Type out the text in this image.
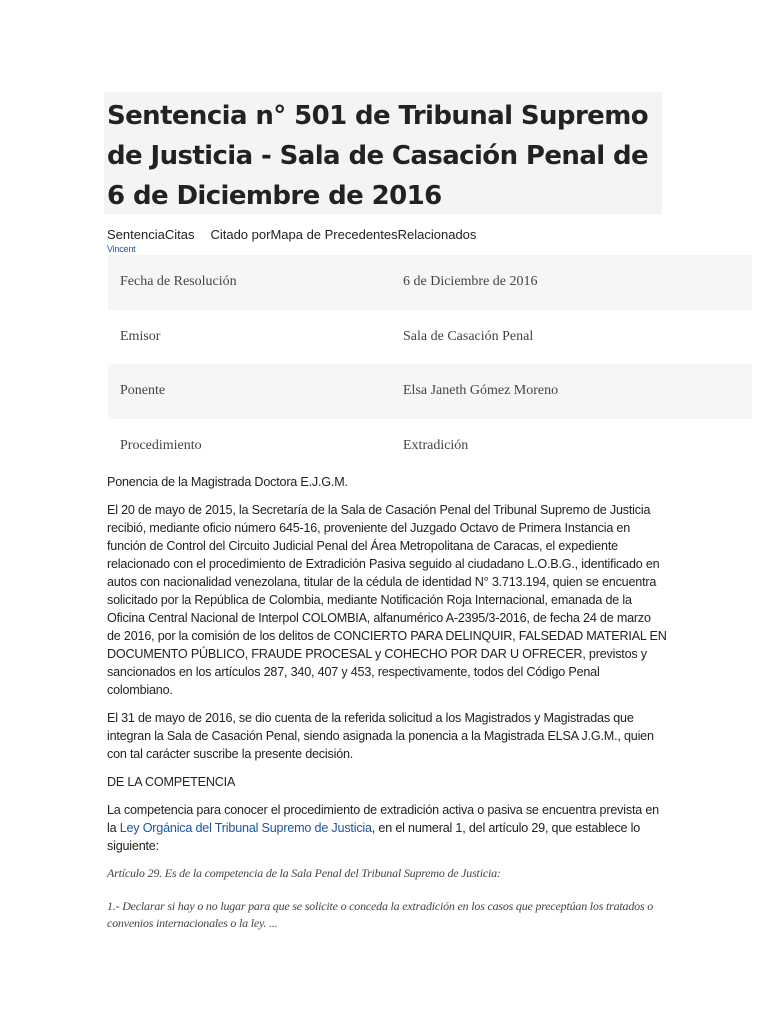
Sentencia n° 501 de Tribunal Supremo de Justicia - Sala de Casación Penal de 6 de Diciembre de 2016
SentenciaCitas Citado porMapa de PrecedentesRelacionados
Vincent
Fecha de Resolución	6 de Diciembre de 2016
Emisor	Sala de Casación Penal
Ponente	Elsa Janeth Gómez Moreno
Procedimiento	Extradición

Ponencia de la Magistrada Doctora E.J.G.M.

El 20 de mayo de 2015, la Secretaría de la Sala de Casación Penal del Tribunal Supremo de Justicia recibió, mediante oficio número 645-16, proveniente del Juzgado Octavo de Primera Instancia en función de Control del Circuito Judicial Penal del Área Metropolitana de Caracas, el expediente relacionado con el procedimiento de Extradición Pasiva seguido al ciudadano L.O.B.G., identificado en autos con nacionalidad venezolana, titular de la cédula de identidad N° 3.713.194, quien se encuentra solicitado por la República de Colombia, mediante Notificación Roja Internacional, emanada de la Oficina Central Nacional de Interpol COLOMBIA, alfanumérico A-2395/3-2016, de fecha 24 de marzo de 2016, por la comisión de los delitos de CONCIERTO PARA DELINQUIR, FALSEDAD MATERIAL EN DOCUMENTO PÚBLICO, FRAUDE PROCESAL y COHECHO POR DAR U OFRECER, previstos y sancionados en los artículos 287, 340, 407 y 453, respectivamente, todos del Código Penal colombiano.

El 31 de mayo de 2016, se dio cuenta de la referida solicitud a los Magistrados y Magistradas que integran la Sala de Casación Penal, siendo asignada la ponencia a la Magistrada ELSA J.G.M., quien con tal carácter suscribe la presente decisión.

DE LA COMPETENCIA

La competencia para conocer el procedimiento de extradición activa o pasiva se encuentra prevista en la Ley Orgánica del Tribunal Supremo de Justicia, en el numeral 1, del artículo 29, que establece lo siguiente:

Artículo 29. Es de la competencia de la Sala Penal del Tribunal Supremo de Justicia:

1.- Declarar si hay o no lugar para que se solicite o conceda la extradición en los casos que preceptúan los tratados o convenios internacionales o la ley. ...
